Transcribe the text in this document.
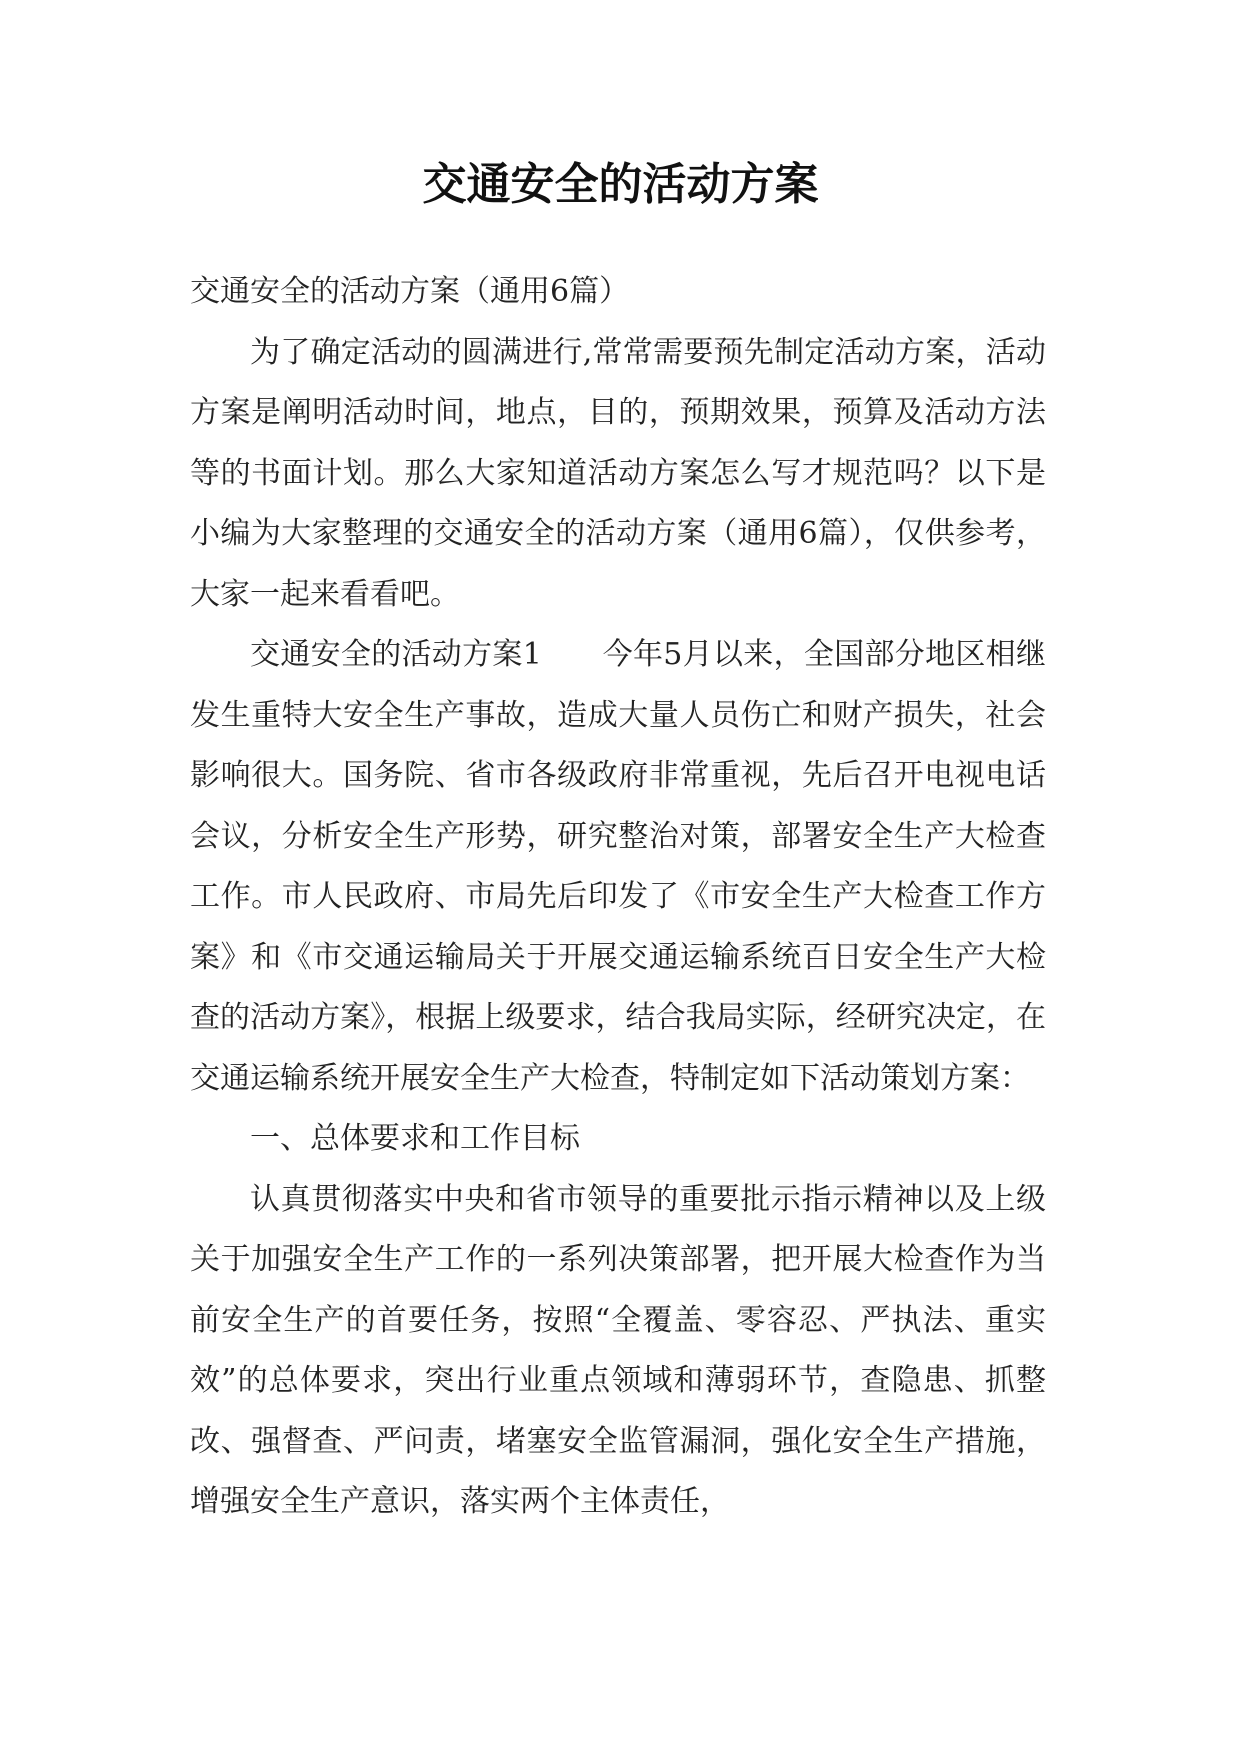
交通安全的活动方案

交通安全的活动方案（通用6篇）

为了确定活动的圆满进行,常常需要预先制定活动方案，活动方案是阐明活动时间，地点，目的，预期效果，预算及活动方法等的书面计划。那么大家知道活动方案怎么写才规范吗？以下是小编为大家整理的交通安全的活动方案（通用6篇），仅供参考，大家一起来看看吧。

交通安全的活动方案1　　今年5月以来，全国部分地区相继发生重特大安全生产事故，造成大量人员伤亡和财产损失，社会影响很大。国务院、省市各级政府非常重视，先后召开电视电话会议，分析安全生产形势，研究整治对策，部署安全生产大检查工作。市人民政府、市局先后印发了《市安全生产大检查工作方案》和《市交通运输局关于开展交通运输系统百日安全生产大检查的活动方案》，根据上级要求，结合我局实际，经研究决定，在交通运输系统开展安全生产大检查，特制定如下活动策划方案：

一、总体要求和工作目标

认真贯彻落实中央和省市领导的重要批示指示精神以及上级关于加强安全生产工作的一系列决策部署，把开展大检查作为当前安全生产的首要任务，按照“全覆盖、零容忍、严执法、重实效”的总体要求，突出行业重点领域和薄弱环节，查隐患、抓整改、强督查、严问责，堵塞安全监管漏洞，强化安全生产措施，增强安全生产意识，落实两个主体责任，
